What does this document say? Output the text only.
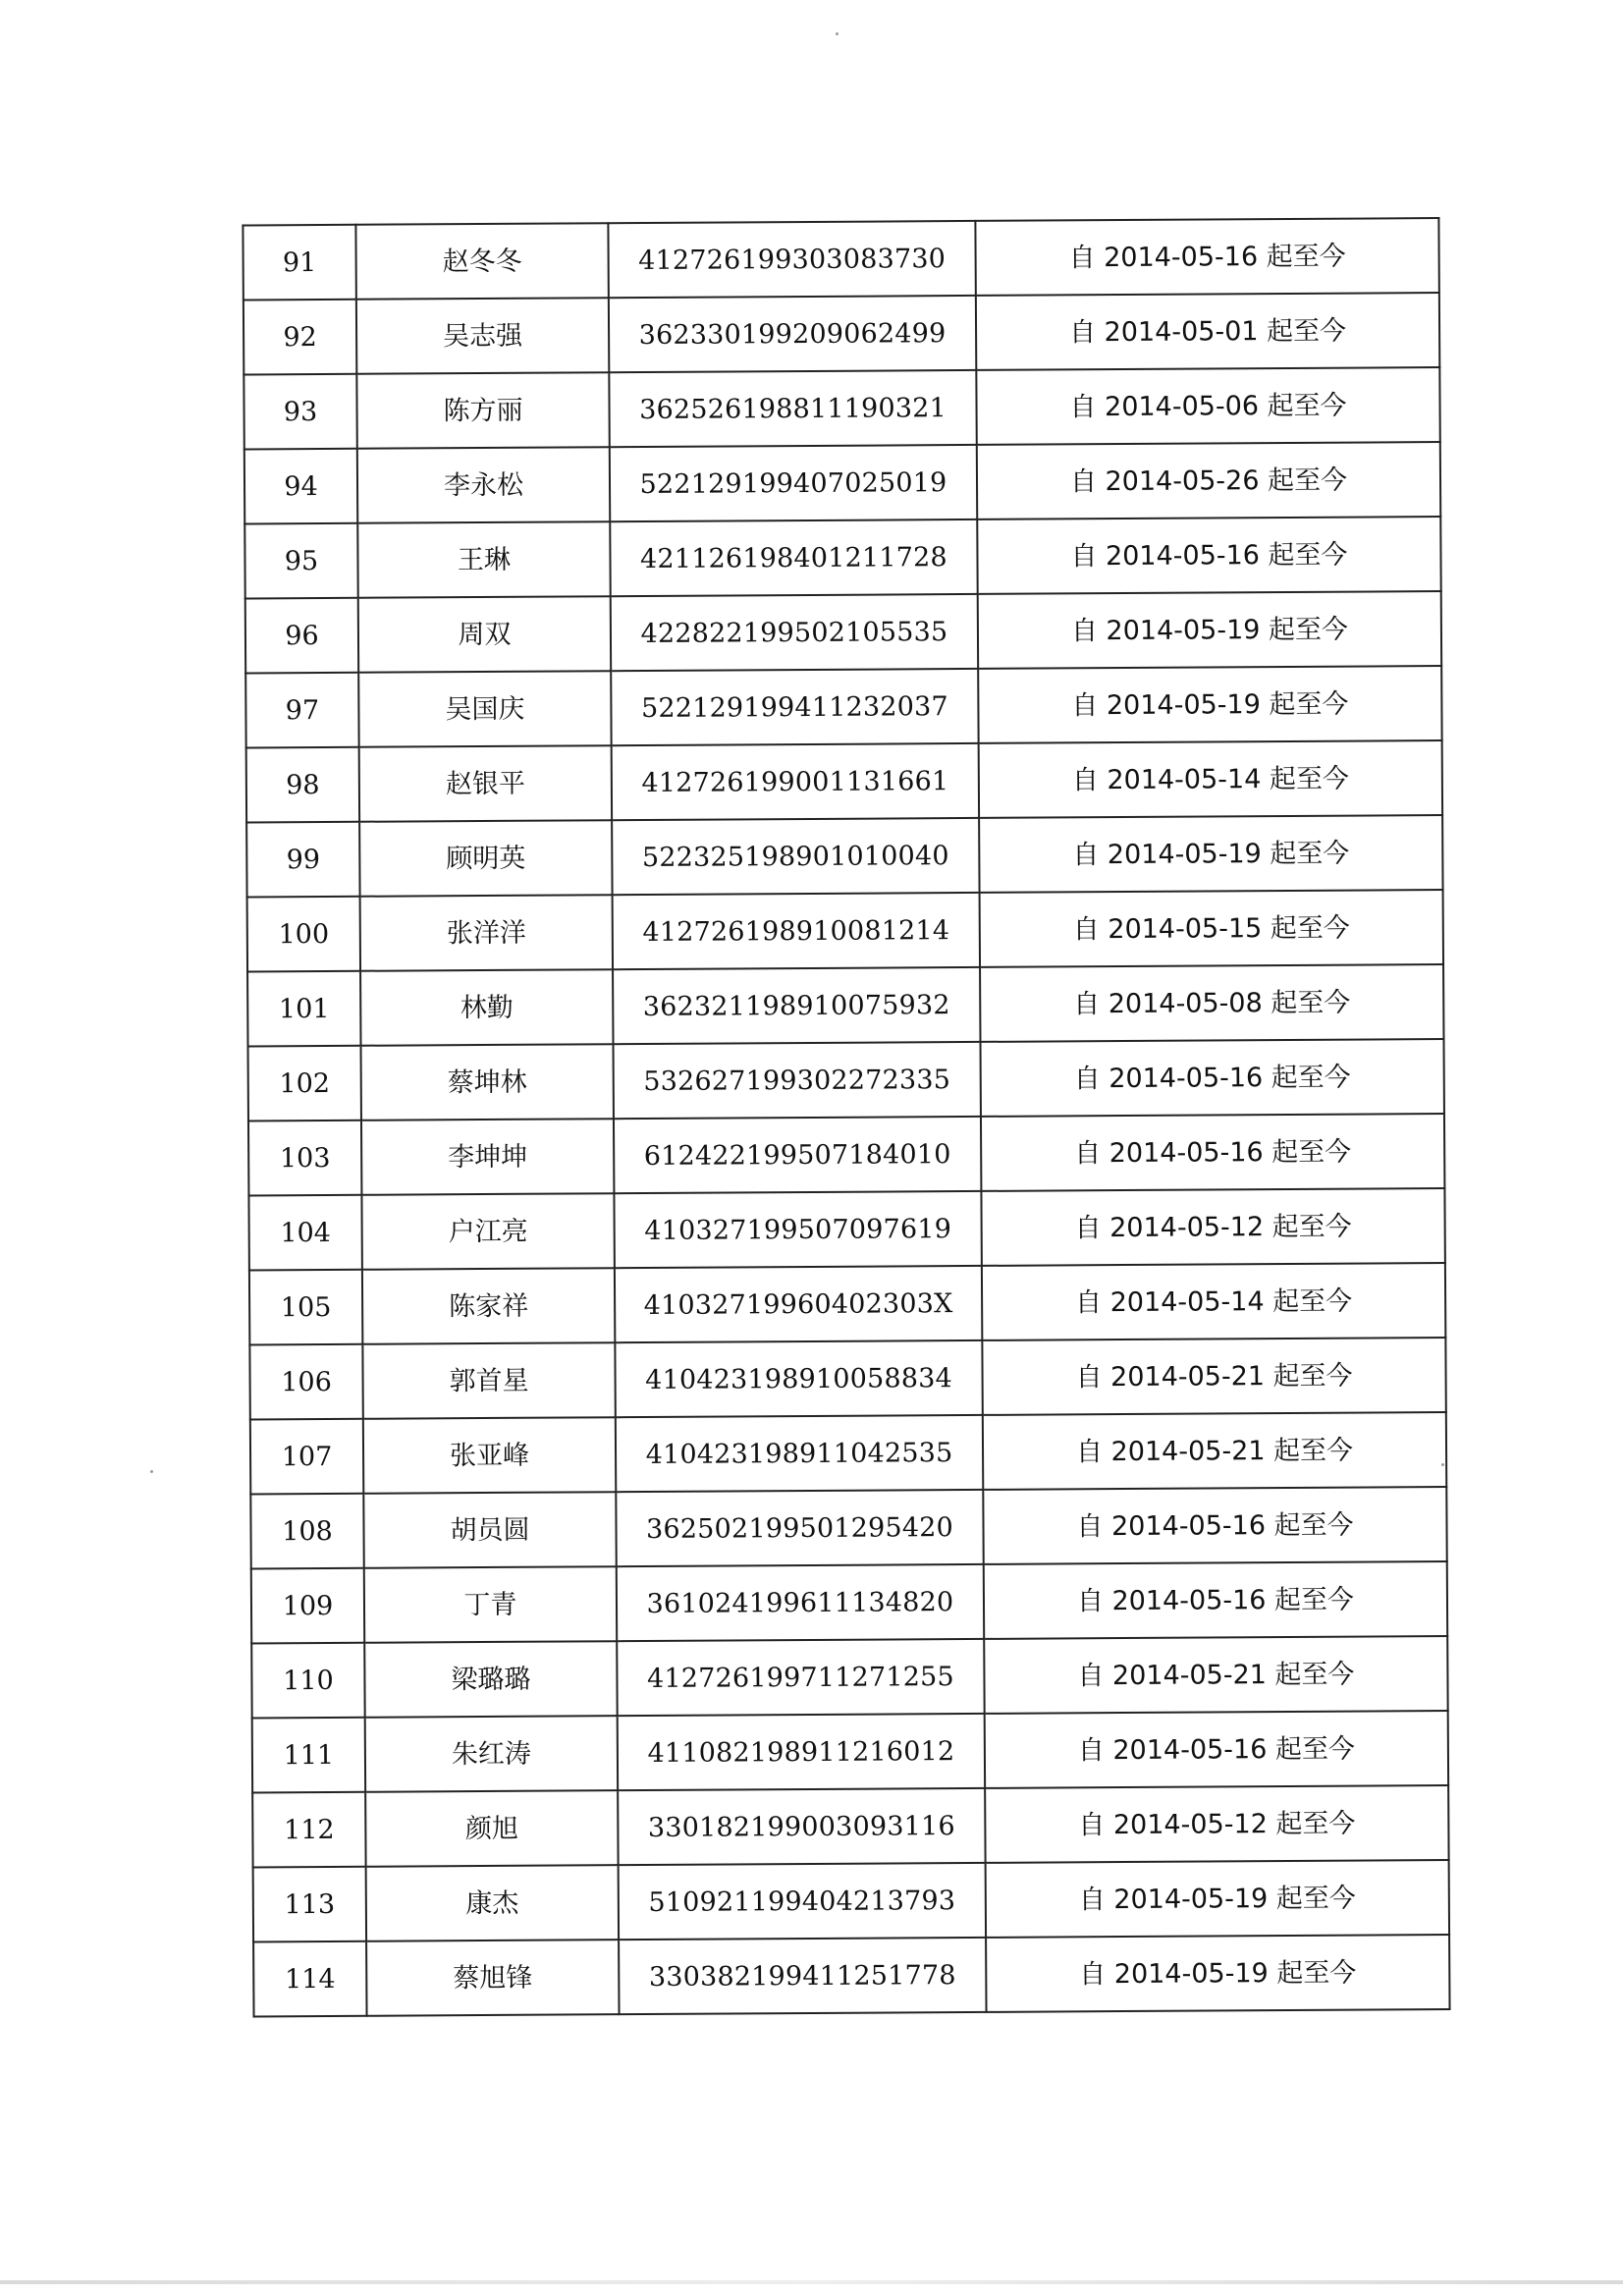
91	赵冬冬	412726199303083730	自 2014-05-16 起至今
92	吴志强	362330199209062499	自 2014-05-01 起至今
93	陈方丽	362526198811190321	自 2014-05-06 起至今
94	李永松	522129199407025019	自 2014-05-26 起至今
95	王琳	421126198401211728	自 2014-05-16 起至今
96	周双	422822199502105535	自 2014-05-19 起至今
97	吴国庆	522129199411232037	自 2014-05-19 起至今
98	赵银平	412726199001131661	自 2014-05-14 起至今
99	顾明英	522325198901010040	自 2014-05-19 起至今
100	张洋洋	412726198910081214	自 2014-05-15 起至今
101	林勤	362321198910075932	自 2014-05-08 起至今
102	蔡坤林	532627199302272335	自 2014-05-16 起至今
103	李坤坤	612422199507184010	自 2014-05-16 起至今
104	户江亮	410327199507097619	自 2014-05-12 起至今
105	陈家祥	41032719960402303X	自 2014-05-14 起至今
106	郭首星	410423198910058834	自 2014-05-21 起至今
107	张亚峰	410423198911042535	自 2014-05-21 起至今
108	胡员圆	362502199501295420	自 2014-05-16 起至今
109	丁青	361024199611134820	自 2014-05-16 起至今
110	梁璐璐	412726199711271255	自 2014-05-21 起至今
111	朱红涛	411082198911216012	自 2014-05-16 起至今
112	颜旭	330182199003093116	自 2014-05-12 起至今
113	康杰	510921199404213793	自 2014-05-19 起至今
114	蔡旭锋	330382199411251778	自 2014-05-19 起至今
